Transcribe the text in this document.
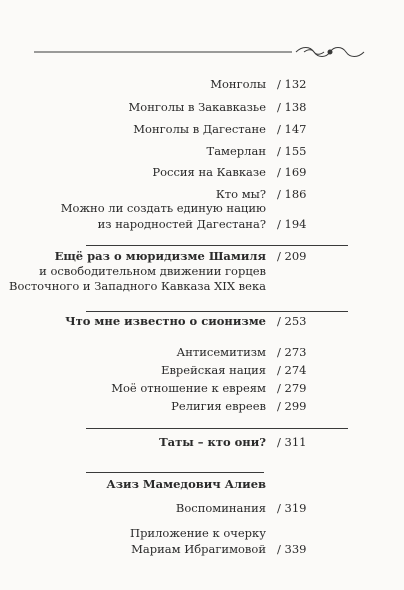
Монголы / 132
Монголы в Закавказье / 138
Монголы в Дагестане / 147
Тамерлан / 155
Россия на Кавказе / 169
Кто мы? / 186
Можно ли создать единую нацию
из народностей Дагестана? / 194
Ещё раз о мюридизме Шамиля / 209
и освободительном движении горцев
Восточного и Западного Кавказа XIX века
Что мне известно о сионизме / 253
Антисемитизм / 273
Еврейская нация / 274
Моё отношение к евреям / 279
Религия евреев / 299
Таты – кто они? / 311
Азиз Мамедович Алиев
Воспоминания / 319
Приложение к очерку
Мариам Ибрагимовой / 339
